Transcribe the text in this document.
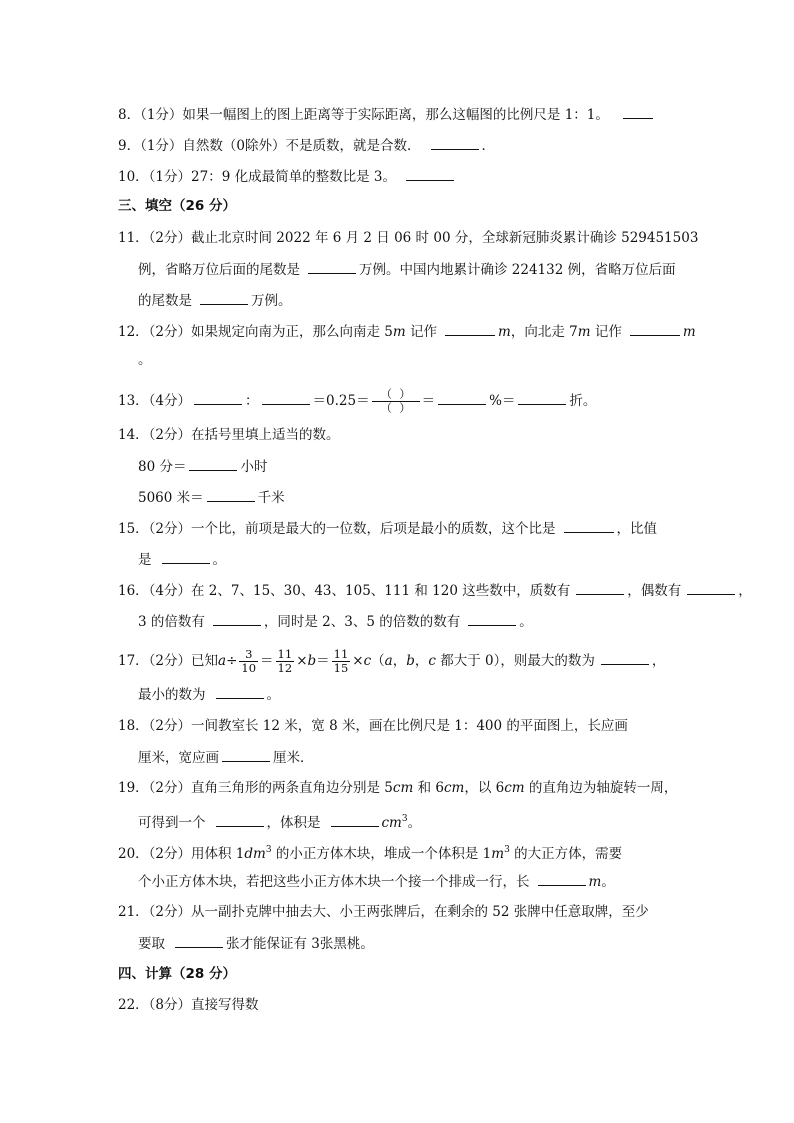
8．（1分）如果一幅图上的图上距离等于实际距离，那么这幅图的比例尺是 1：1。
9．（1分）自然数（0除外）不是质数，就是合数．	．
10．（1分）27：9 化成最简单的整数比是 3。
三、填空（26 分）
11．（2分）截止北京时间 2022 年 6 月 2 日 06 时 00 分，全球新冠肺炎累计确诊 529451503
例，省略万位后面的尾数是	万例。中国内地累计确诊 224132 例，省略万位后面
的尾数是	万例。
12．（2分）如果规定向南为正，那么向南走 5m 记作	m，向北走 7m 记作	m
。
13．（4分）	：	$=0.25= \frac{( )}{( )}$ ＝	%＝	折。
14．（2分）在括号里填上适当的数。
80 分＝	小时
5060 米＝	千米
15．（2分）一个比，前项是最大的一位数，后项是最小的质数，这个比是	，比值
是	。
16．（4分）在 2、7、15、30、43、105、111 和 120 这些数中，质数有	，偶数有	，
3 的倍数有	，同时是 2、3、5 的倍数的数有	。
17．（2分）已知$a\div \frac{3}{10} = \frac{11}{12} \times b= \frac{11}{15} \times c(a$，b，c 都大于 0），则最大的数为	，
最小的数为	。
18．（2分）一间教室长 12 米，宽 8 米，画在比例尺是 1：400 的平面图上，长应画
厘米，宽应画	厘米．
19．（2分）直角三角形的两条直角边分别是 5cm 和 6cm，以 6cm 的直角边为轴旋转一周，
可得到一个	，体积是	$cm^3$。
20．（2分）用体积 $1dm^3$ 的小正方体木块，堆成一个体积是 $1m^3$ 的大正方体，需要
个小正方体木块，若把这些小正方体木块一个接一个排成一行，长	m。
21．（2分）从一副扑克牌中抽去大、小王两张牌后，在剩余的 52 张牌中任意取牌，至少
要取	张才能保证有 3张黑桃。
四、计算（28 分）
22．（8分）直接写得数
